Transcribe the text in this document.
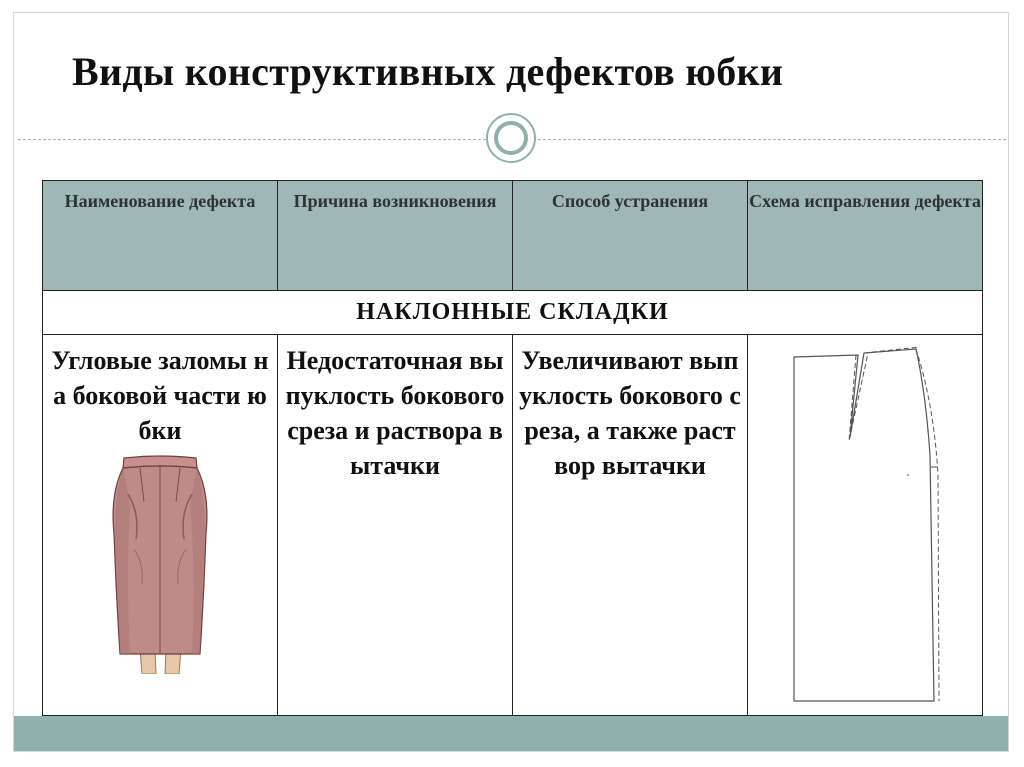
Виды конструктивных дефектов юбки
Наименование дефекта	Причина возникновения	Способ устранения	Схема исправления дефекта
НАКЛОННЫЕ СКЛАДКИ			

Угловые заломы на боковой части юбки	Недостаточная выпуклость бокового среза и раствора вытачки	Увеличивают выпуклость бокового среза, а также раствор вытачки
